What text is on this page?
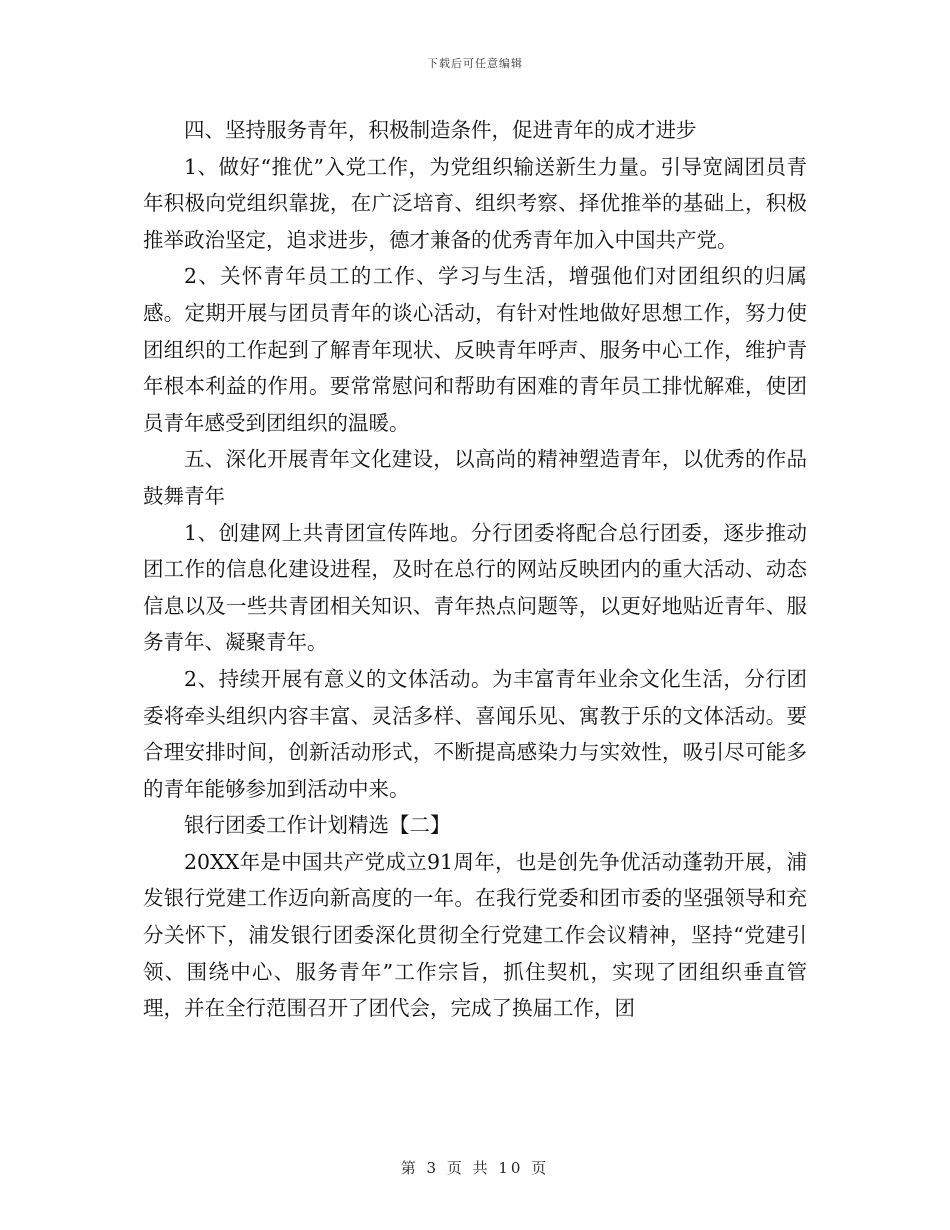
下载后可任意编辑

四、坚持服务青年，积极制造条件，促进青年的成才进步

1、做好“推优”入党工作，为党组织输送新生力量。引导宽阔团员青年积极向党组织靠拢，在广泛培育、组织考察、择优推举的基础上，积极推举政治坚定，追求进步，德才兼备的优秀青年加入中国共产党。

2、关怀青年员工的工作、学习与生活，增强他们对团组织的归属感。定期开展与团员青年的谈心活动，有针对性地做好思想工作，努力使团组织的工作起到了解青年现状、反映青年呼声、服务中心工作，维护青年根本利益的作用。要常常慰问和帮助有困难的青年员工排忧解难，使团员青年感受到团组织的温暖。

五、深化开展青年文化建设，以高尚的精神塑造青年，以优秀的作品鼓舞青年

1、创建网上共青团宣传阵地。分行团委将配合总行团委，逐步推动团工作的信息化建设进程，及时在总行的网站反映团内的重大活动、动态信息以及一些共青团相关知识、青年热点问题等，以更好地贴近青年、服务青年、凝聚青年。

2、持续开展有意义的文体活动。为丰富青年业余文化生活，分行团委将牵头组织内容丰富、灵活多样、喜闻乐见、寓教于乐的文体活动。要合理安排时间，创新活动形式，不断提高感染力与实效性，吸引尽可能多的青年能够参加到活动中来。

银行团委工作计划精选【二】

20XX年是中国共产党成立91周年，也是创先争优活动蓬勃开展，浦发银行党建工作迈向新高度的一年。在我行党委和团市委的坚强领导和充分关怀下，浦发银行团委深化贯彻全行党建工作会议精神，坚持“党建引领、围绕中心、服务青年”工作宗旨，抓住契机，实现了团组织垂直管理，并在全行范围召开了团代会，完成了换届工作，团

第 3 页 共 10 页
